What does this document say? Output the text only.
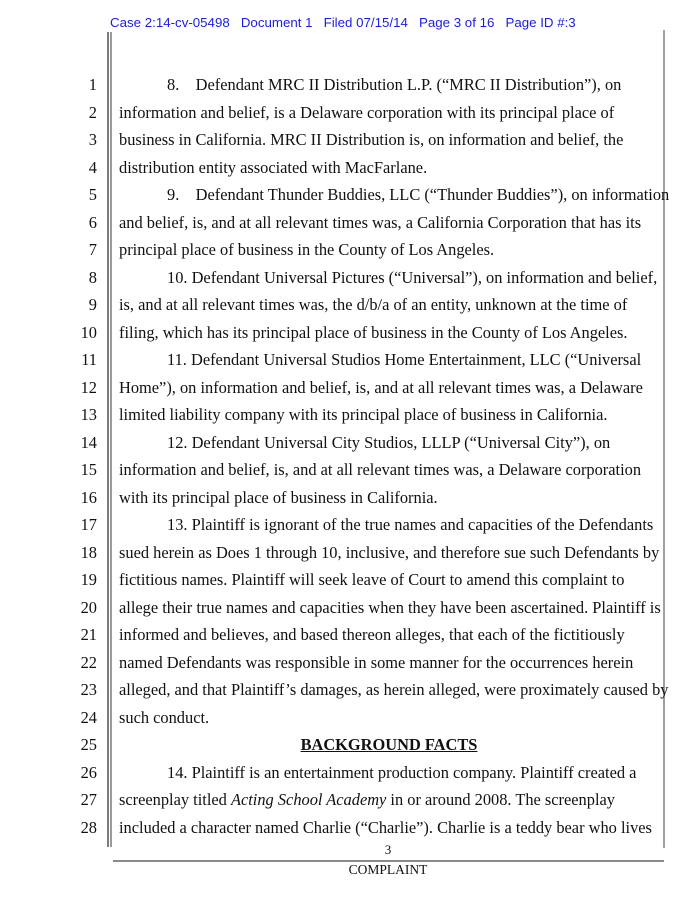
Case 2:14-cv-05498   Document 1   Filed 07/15/14   Page 3 of 16   Page ID #:3
1
2
3
4
5
6
7
8
9
10
11
12
13
14
15
16
17
18
19
20
21
22
23
24
25
26
27
28
BACKGROUND FACTS
screenplay titled Acting School Academy in or around 2008. The screenplay
8.    Defendant MRC II Distribution L.P. (“MRC II Distribution”), on
information and belief, is a Delaware corporation with its principal place of
business in California. MRC II Distribution is, on information and belief, the
distribution entity associated with MacFarlane.
9.    Defendant Thunder Buddies, LLC (“Thunder Buddies”), on information
and belief, is, and at all relevant times was, a California Corporation that has its
principal place of business in the County of Los Angeles.
10. Defendant Universal Pictures (“Universal”), on information and belief,
is, and at all relevant times was, the d/b/a of an entity, unknown at the time of
filing, which has its principal place of business in the County of Los Angeles.
11. Defendant Universal Studios Home Entertainment, LLC (“Universal
Home”), on information and belief, is, and at all relevant times was, a Delaware
limited liability company with its principal place of business in California.
12. Defendant Universal City Studios, LLLP (“Universal City”), on
information and belief, is, and at all relevant times was, a Delaware corporation
with its principal place of business in California.
13. Plaintiff is ignorant of the true names and capacities of the Defendants
sued herein as Does 1 through 10, inclusive, and therefore sue such Defendants by
fictitious names. Plaintiff will seek leave of Court to amend this complaint to
allege their true names and capacities when they have been ascertained. Plaintiff is
informed and believes, and based thereon alleges, that each of the fictitiously
named Defendants was responsible in some manner for the occurrences herein
alleged, and that Plaintiff’s damages, as herein alleged, were proximately caused by
such conduct.
14. Plaintiff is an entertainment production company. Plaintiff created a
included a character named Charlie (“Charlie”). Charlie is a teddy bear who lives
3
COMPLAINT
